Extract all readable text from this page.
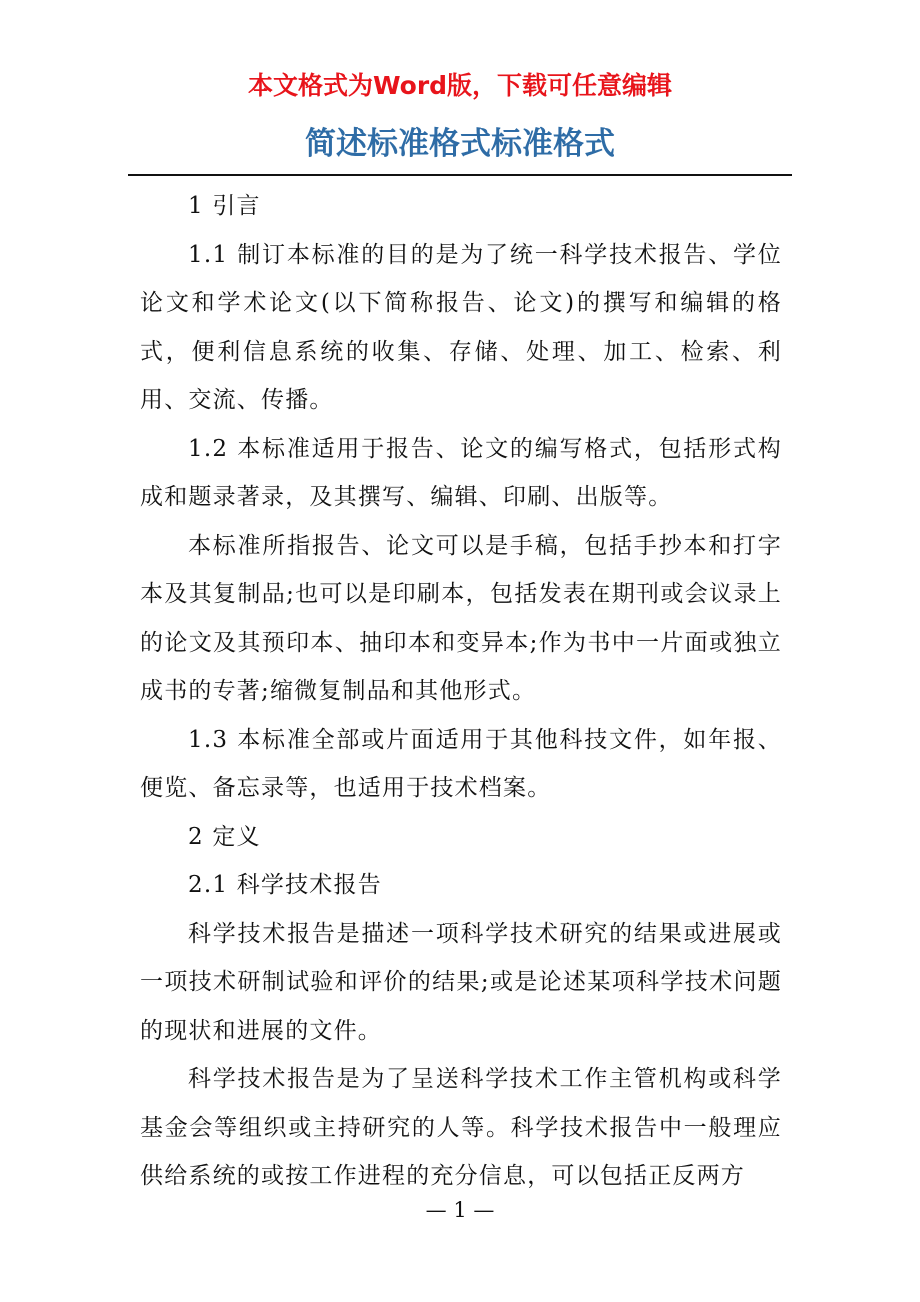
本文格式为Word版，下载可任意编辑
简述标准格式标准格式

1 引言

1.1 制订本标准的目的是为了统一科学技术报告、学位论文和学术论文(以下简称报告、论文)的撰写和编辑的格式，便利信息系统的收集、存储、处理、加工、检索、利用、交流、传播。

1.2 本标准适用于报告、论文的编写格式，包括形式构成和题录著录，及其撰写、编辑、印刷、出版等。

本标准所指报告、论文可以是手稿，包括手抄本和打字本及其复制品;也可以是印刷本，包括发表在期刊或会议录上的论文及其预印本、抽印本和变异本;作为书中一片面或独立成书的专著;缩微复制品和其他形式。

1.3 本标准全部或片面适用于其他科技文件，如年报、便览、备忘录等，也适用于技术档案。

2 定义

2.1 科学技术报告

科学技术报告是描述一项科学技术研究的结果或进展或一项技术研制试验和评价的结果;或是论述某项科学技术问题的现状和进展的文件。

科学技术报告是为了呈送科学技术工作主管机构或科学基金会等组织或主持研究的人等。科学技术报告中一般理应供给系统的或按工作进程的充分信息，可以包括正反两方

— 1 —
